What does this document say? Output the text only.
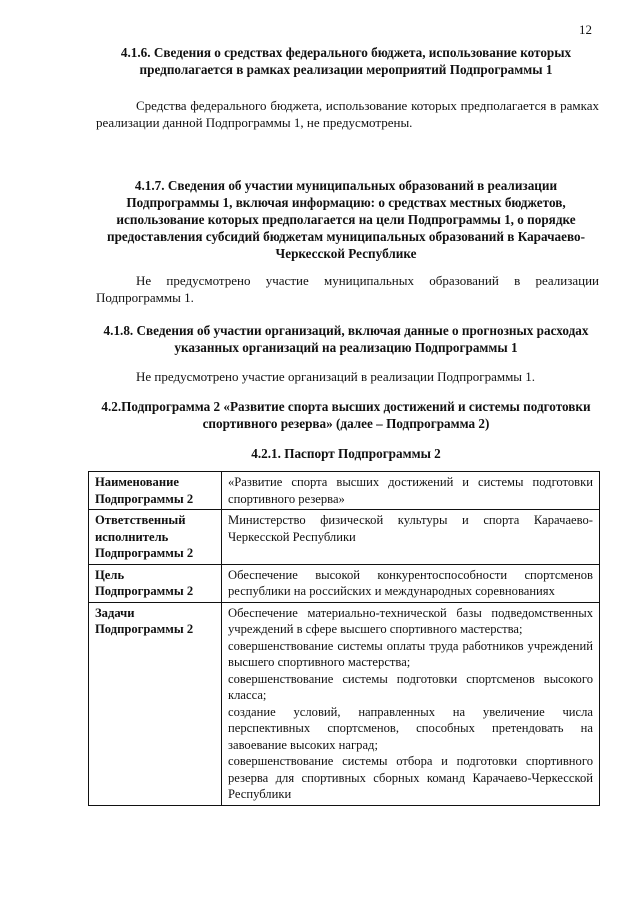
12
4.1.6. Сведения о средствах федерального бюджета, использование которых предполагается в рамках реализации мероприятий Подпрограммы 1
Средства федерального бюджета, использование которых предполагается в рамках реализации данной Подпрограммы 1, не предусмотрены.
4.1.7. Сведения об участии муниципальных образований в реализации Подпрограммы 1, включая информацию: о средствах местных бюджетов, использование которых предполагается на цели Подпрограммы 1, о порядке предоставления субсидий бюджетам муниципальных образований в Карачаево-Черкесской Республике
Не предусмотрено участие муниципальных образований в реализации Подпрограммы 1.
4.1.8. Сведения об участии организаций, включая данные о прогнозных расходах указанных организаций на реализацию Подпрограммы 1
Не предусмотрено участие организаций в реализации Подпрограммы 1.
4.2.Подпрограмма 2 «Развитие спорта высших достижений и системы подготовки спортивного резерва» (далее – Подпрограмма 2)
4.2.1. Паспорт Подпрограммы 2
Наименование Подпрограммы 2	«Развитие спорта высших достижений и системы подготовки спортивного резерва»

Ответственный исполнитель Подпрограммы 2	Министерство физической культуры и спорта Карачаево-Черкесской Республики

Цель Подпрограммы 2	Обеспечение высокой конкурентоспособности спортсменов республики на российских и международных соревнованиях

Задачи Подпрограммы 2	Обеспечение материально-технической базы подведомственных учреждений в сфере высшего спортивного мастерства;
совершенствование системы оплаты труда работников учреждений высшего спортивного мастерства;
совершенствование системы подготовки спортсменов высокого класса;
создание условий, направленных на увеличение числа перспективных спортсменов, способных претендовать на завоевание высоких наград;
совершенствование системы отбора и подготовки спортивного резерва для спортивных сборных команд Карачаево-Черкесской Республики
